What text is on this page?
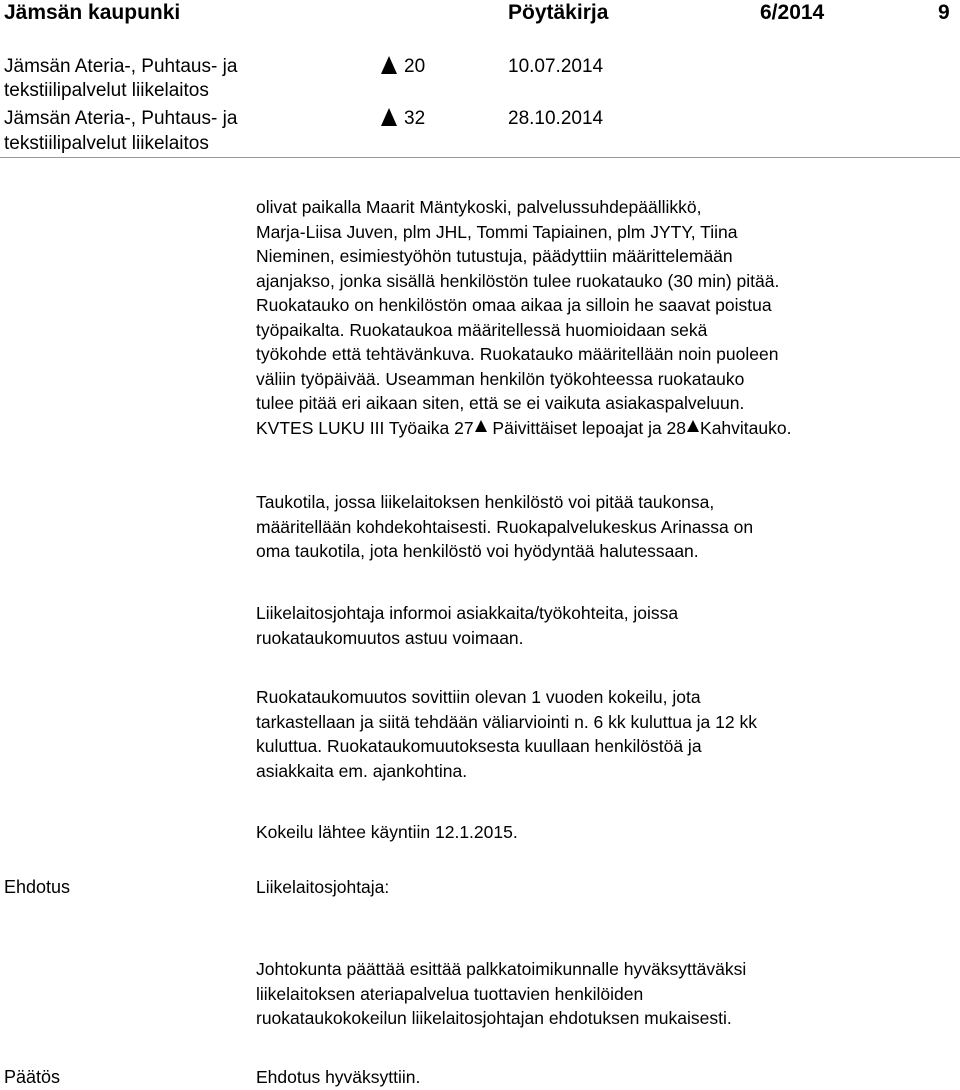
Jämsän kaupunki	Pöytäkirja	6/2014	9
Jämsän Ateria-, Puhtaus- ja
tekstiilipalvelut liikelaitos
20	10.07.2014
Jämsän Ateria-, Puhtaus- ja
tekstiilipalvelut liikelaitos
32	28.10.2014
olivat paikalla Maarit Mäntykoski, palvelussuhdepäällikkö,
Marja-Liisa Juven, plm JHL, Tommi Tapiainen, plm JYTY, Tiina
Nieminen, esimiestyöhön tutustuja, päädyttiin määrittelemään
ajanjakso, jonka sisällä henkilöstön tulee ruokatauko (30 min) pitää.
Ruokatauko on henkilöstön omaa aikaa ja silloin he saavat poistua
työpaikalta. Ruokataukoa määritellessä huomioidaan sekä
työkohde että tehtävänkuva. Ruokatauko määritellään noin puoleen
väliin työpäivää. Useamman henkilön työkohteessa ruokatauko
tulee pitää eri aikaan siten, että se ei vaikuta asiakaspalveluun.
KVTES LUKU III Työaika 27 Päivittäiset lepoajat ja 28 Kahvitauko.
Taukotila, jossa liikelaitoksen henkilöstö voi pitää taukonsa,
määritellään kohdekohtaisesti. Ruokapalvelukeskus Arinassa on
oma taukotila, jota henkilöstö voi hyödyntää halutessaan.
Liikelaitosjohtaja informoi asiakkaita/työkohteita, joissa
ruokataukomuutos astuu voimaan.
Ruokataukomuutos sovittiin olevan 1 vuoden kokeilu, jota
tarkastellaan ja siitä tehdään väliarviointi n. 6 kk kuluttua ja 12 kk
kuluttua. Ruokataukomuutoksesta kuullaan henkilöstöä ja
asiakkaita em. ajankohtina.
Kokeilu lähtee käyntiin 12.1.2015.
Ehdotus	Liikelaitosjohtaja:
Johtokunta päättää esittää palkkatoimikunnalle hyväksyttäväksi
liikelaitoksen ateriapalvelua tuottavien henkilöiden
ruokataukokokeilun liikelaitosjohtajan ehdotuksen mukaisesti.
Päätös	Ehdotus hyväksyttiin.
